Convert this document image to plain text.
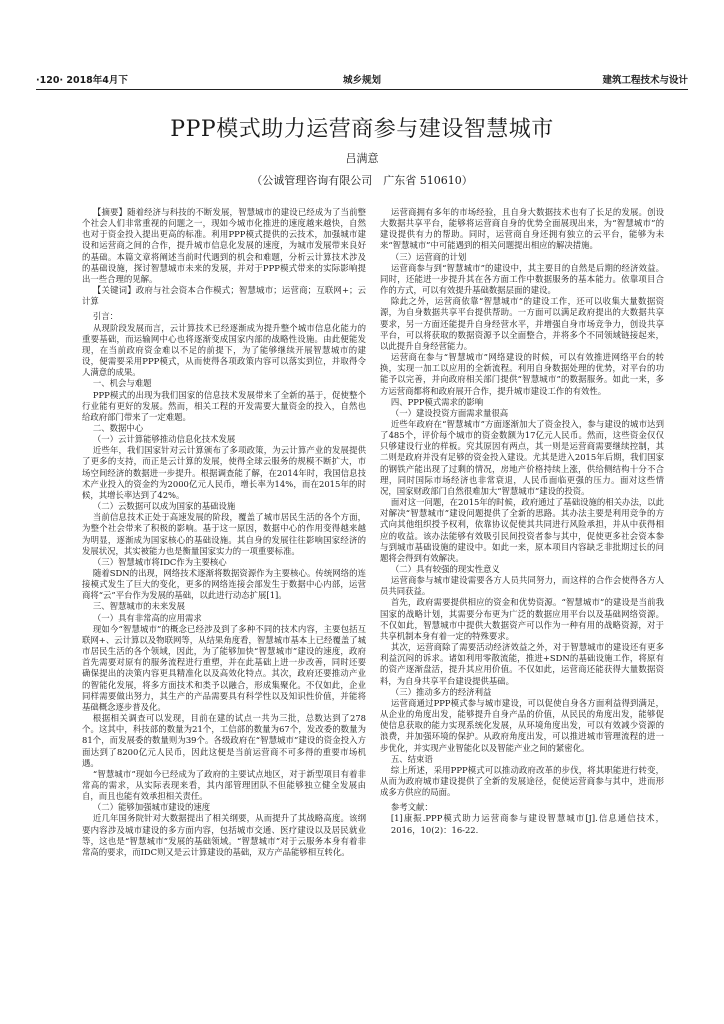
·120· 2018年4月下	城乡规划	建筑工程技术与设计
PPP模式助力运营商参与建设智慧城市
吕满意
（公诚管理咨询有限公司　广东省 510610）

【摘要】随着经济与科技的不断发展，智慧城市的建设已经成为了当前整个社会人们非常重视的问题之一，现如今城市化推进的速度越来越快，自然也对于资金投入提出更高的标准。利用PPP模式提供的云技术，加强城市建设和运营商之间的合作，提升城市信息化发展的速度，为城市发展带来良好的基础。本篇文章将阐述当前时代遇到的机会和难题，分析云计算技术涉及的基础设施，探讨智慧城市未来的发展，并对于PPP模式带来的实际影响提出一些合理的见解。

【关键词】政府与社会资本合作模式；智慧城市；运营商；互联网+；云计算

引言：

从现阶段发展而言，云计算技术已经逐渐成为提升整个城市信息化能力的重要基础，而运输网中心也将逐渐变成国家内部的战略性设施。由此便能发现，在当前政府资金难以不足的前提下，为了能够继续开展智慧城市的建设，便需要采用PPP模式，从而使得各项政策内容可以落实到位，并取得令人满意的成果。

一、机会与难题

PPP模式的出现为我们国家的信息技术发展带来了全新的基于，促使整个行业能有更好的发展。然而，相关工程的开发需要大量资金的投入，自然也给政府部门带来了一定难题。

二、数据中心

（一）云计算能够推动信息化技术发展

近些年，我们国家针对云计算颁布了多项政策，为云计算产业的发展提供了更多的支持，而正是云计算的发展，使得全球云服务的规模不断扩大，市场空间经济的数据进一步提升。根据调查能了解，在2014年时，我国信息技术产业投入的资金约为2000亿元人民币，增长率为14%，而在2015年的时候，其增长率达到了42%。

（二）云数据可以成为国家的基础设施

当前信息技术正处于高速发展的阶段，覆盖了城市居民生活的各个方面，为整个社会带来了积极的影响。基于这一原因，数据中心的作用变得越来越为明显，逐渐成为国家核心的基础设施。其自身的发展往往影响国家经济的发展状况，其实被能力也是衡量国家实力的一项重要标准。

（三）智慧城市将IDC作为主要核心

随着SDN的出现，网络技术逐渐将数据资源作为主要核心。传统网络的连接模式发生了巨大的变化，更多的网络连接会部发生于数据中心内部，运营商将“云”平台作为发展的基础，以此进行动态扩展[1]。

三、智慧城市的未来发展

（一）具有非常高的应用需求

现如今“智慧城市”的概念已经涉及到了多种不同的技术内容，主要包括互联网+、云计算以及物联网等，从结果角度看，智慧城市基本上已经覆盖了城市居民生活的各个领域，因此，为了能够加快“智慧城市”建设的速度，政府首先需要对原有的服务流程进行重塑，并在此基础上进一步改善，同时还要确保提出的决策内容更具精准化以及高效化特点。其次，政府还要推动产业的智能化发展，将多方面技术和类予以融合，形成集聚化。不仅如此，企业同样需要做出努力，其生产的产品需要具有科学性以及知识性价值，并能将基础概念逐步普及化。

根据相关调查可以发现，目前在建的试点一共为三批，总数达到了278个。这其中，科技部的数量为21个，工信部的数量为67个，发改委的数量为81个，而发展委的数量则为39个。各级政府在“智慧城市”建设的资金投入方面达到了8200亿元人民币，因此这便是当前运营商不可多得的重要市场机遇。

“智慧城市”现如今已经成为了政府的主要试点地区，对于新型项目有着非常高的需求，从实际表现来看，其内部管理团队不但能够独立健全发展由自，而且也能有效承担相关责任。

（二）能够加强城市建设的速度

近几年国务院针对大数据提出了相关纲要，从而提升了其战略高度。该纲要内容涉及城市建设的多方面内容，包括城市交通、医疗建设以及居民就业等，这也是“智慧城市”发展的基础领域。“智慧城市”对于云服务本身有着非常高的要求，而IDC则又是云计算建设的基础，双方产品能够相互转化。

运营商拥有多年的市场经验，且自身大数据技术也有了长足的发展。创设大数据共享平台，能够将运营商自身的优势全面展现出来，为“智慧城市”的建设提供有力的帮助。同时，运营商自身还拥有独立的云平台，能够为未来“智慧城市”中可能遇到的相关问题提出相应的解决措施。

（三）运营商的计划

运营商参与到“智慧城市”的建设中，其主要目的自然是后期的经济效益。同时，还能进一步提升其在各方面工作中数据服务的基本能力。依靠项目合作的方式，可以有效提升基础数据层面的建设。

除此之外，运营商依靠“智慧城市”的建设工作，还可以收集大量数据资源，为自身数据共享平台提供帮助。一方面可以满足政府提出的大数据共享要求，另一方面还能提升自身经营水平，并增强自身市场竞争力，创设共享平台，可以将获取的数据资源予以全面整合，并将多个不同领域链接起来，以此提升自身经营能力。

运营商在参与“智慧城市”网络建设的时候，可以有效推进网络平台的转换，实现一加工以应用的全新流程。利用自身数据处理的优势，对平台的功能予以完善，并向政府相关部门提供“智慧城市”的数据服务。如此一来，多方运营商都将和政府展开合作，提升城市建设工作的有效性。

四、PPP模式需求的影响

（一）建设投资方面需求量很高

近些年政府在“智慧城市”方面逐渐加大了资金投入，参与建设的城市达到了485个，评价每个城市的资金数额为17亿元人民币。然而，这些资金仅仅只够建设行业的样板。究其原因有两点，其一则是运营商需要继续控制，其二则是政府并没有足够的资金投入建设。尤其是进入2015年后期，我们国家的钢铁产能出现了过剩的情况，房地产价格持续上涨，供给侧结构十分不合理，同时国际市场经济也非常衰退，人民币面临更强的压力。面对这些情况，国家财政部门自然很难加大“智慧城市”建设的投资。

面对这一问题，在2015年的时候，政府通过了基础设施的相关办法，以此对解决“智慧城市”建设问题提供了全新的思路。其办法主要是利用竞争的方式向其他组织授予权利，依靠协议促使其共同进行风险承担，并从中获得相应的收益。该办法能够有效吸引民间投资者参与其中，促使更多社会资本参与到城市基础设施的建设中。如此一来，原本项目内容缺乏非批期过长的问题将会得到有效解决。

（二）具有较强的现实性意义

运营商参与城市建设需要各方人员共同努力，而这样的合作会使得各方人员共同获益。

首先，政府需要提供相应的资金和优势资源。“智慧城市”的建设是当前我国家的战略计划，其需要分布更为广泛的数据应用平台以及基础网络资源。不仅如此，智慧城市中提供大数据资产可以作为一种有用的战略资源，对于共享机制本身有着一定的特殊要求。

其次，运营商除了需要活动经济效益之外，对于智慧城市的建设还有更多利益沉闷的诉求。诸如利用零散流能，推进+SDN的基础设施工作，将原有的资产逐渐盘活，提升其应用价值。不仅如此，运营商还能获得大量数据资料，为自身共享平台建设提供基础。

（三）推动多方的经济利益

运营商通过PPP模式参与城市建设，可以促使自身各方面利益得到满足，从企业的角度出发，能够提升自身产品的价值，从民民的角度出发，能够促使信息获取的能力实现系统化发展，从环境角度出发，可以有效减少资源的浪费，并加强环境的保护。从政府角度出发，可以推进城市管理流程的进一步优化，并实现产业智能化以及智能产业之间的紧密化。

五、结束语

综上所述，采用PPP模式可以推动政府改革的步伐，将其职能进行转变，从而为政府城市建设提供了全新的发展途径，促使运营商参与其中，进而形成多方供应的局面。

参考文献：

[1]康振.PPP模式助力运营商参与建设智慧城市[J].信息通信技术，2016，10(2)：16-22.
